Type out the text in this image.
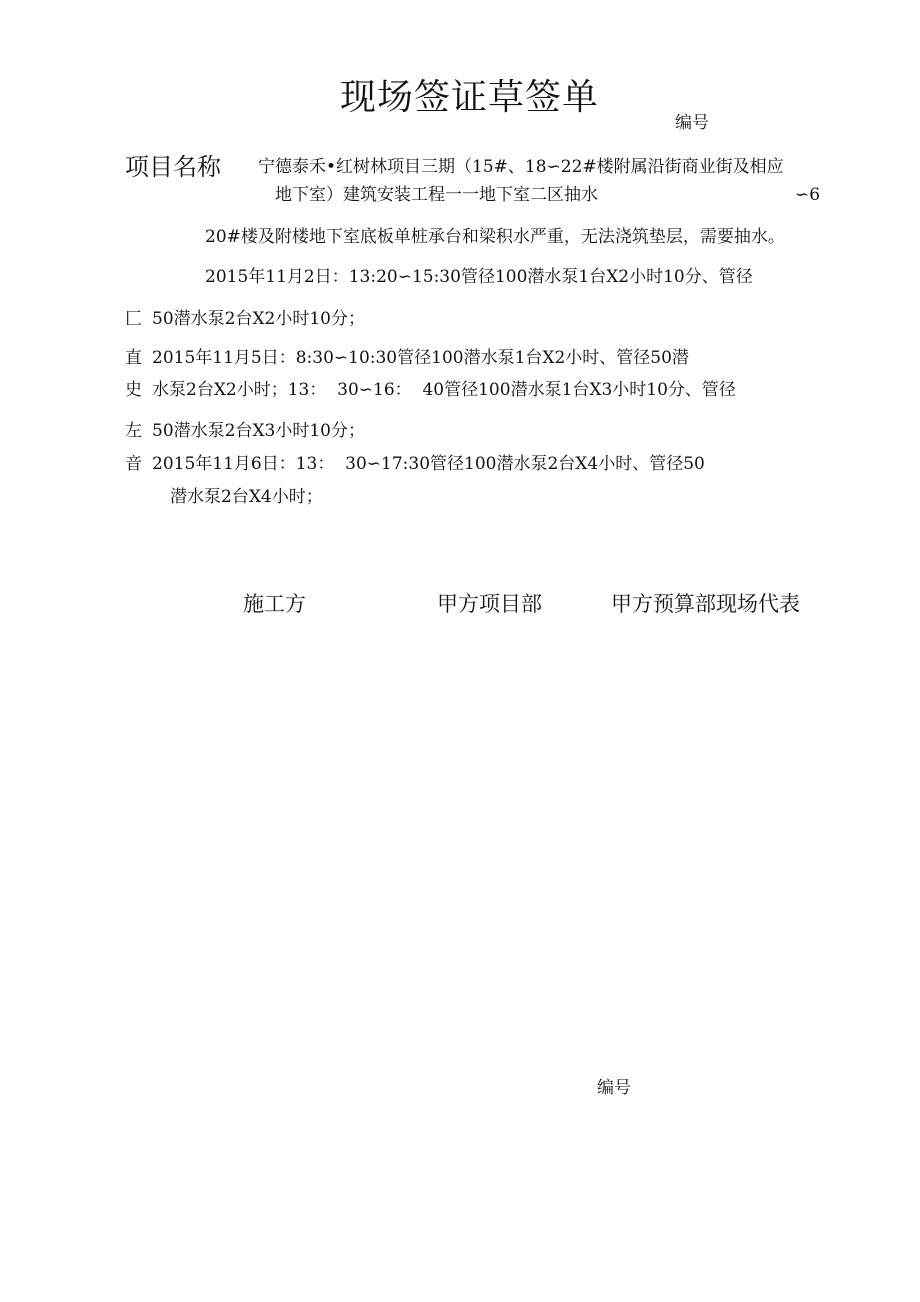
现场签证草签单
编号
项目名称 宁德泰禾•红树林项目三期（15#、18∽22#楼附属沿街商业街及相应
地下室）建筑安装工程一一地下室二区抽水	∽6
20#楼及附楼地下室底板单桩承台和梁积水严重，无法浇筑垫层，需要抽水。
2015年11月2日：13:20∽15:30管径100潜水泵1台X2小时10分、管径
匚 50潜水泵2台X2小时10分；
直 2015年11月5日：8:30∽10:30管径100潜水泵1台X2小时、管径50潜
史 水泵2台X2小时；13：  30∽16：  40管径100潜水泵1台X3小时10分、管径
左 50潜水泵2台X3小时10分；
音 2015年11月6日：13：  30∽17:30管径100潜水泵2台X4小时、管径50
潜水泵2台X4小时；
施工方	甲方项目部	甲方预算部现场代表
编号
